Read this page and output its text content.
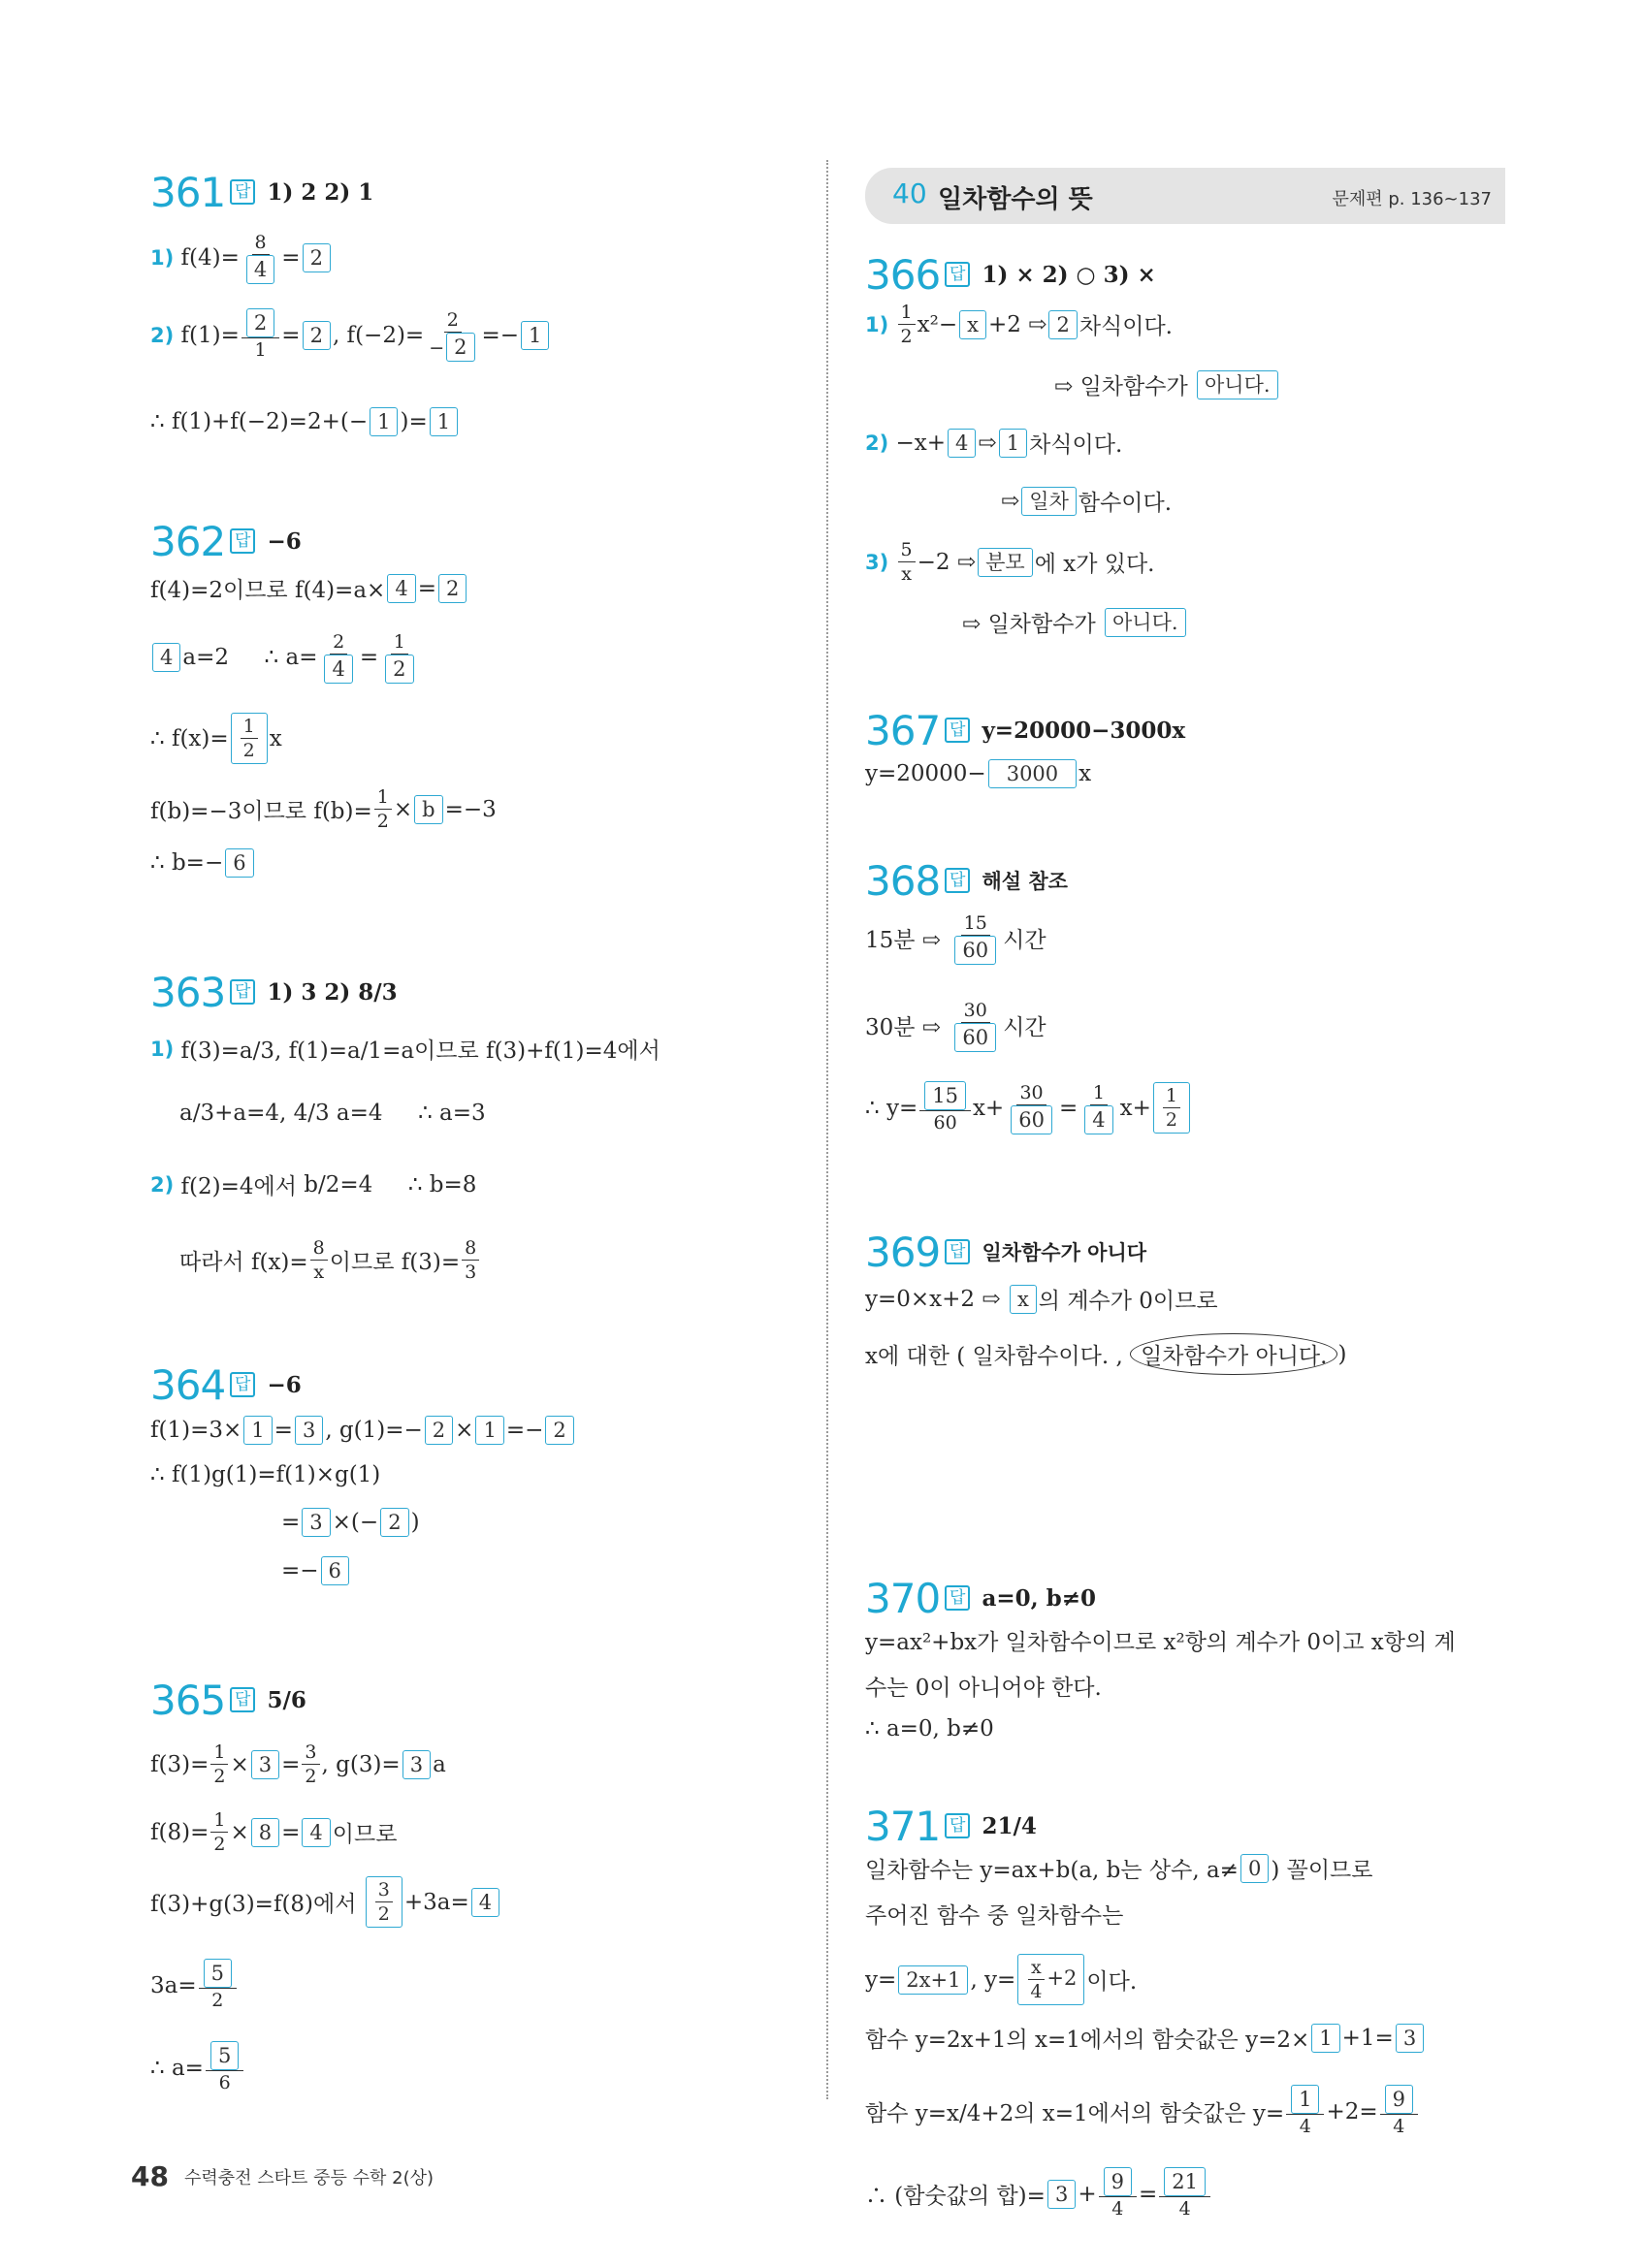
361 답 1) 2 2) 1
1) $f(4)= \frac{8}{4} = 2$
2) $f(1)= \frac{2}{1} = 2$ , $f(-2)= \frac{2}{- 2} =- 1$
∴ f(1)+f(−2)=2+(− 1 )= 1
362 답 −6
f(4)=2이므로 f(4)=a× 4 = 2
4 a=2     ∴ $a= \frac{2}{4} = \frac{1}{2}$
∴ $f(x)= \frac{1}{2}$ x
f(b)=−3이므로 $f(b)= \frac{1}{2} \times b =-3$
∴ b=− 6
363 답 1) 3 2) 8/3
1)
f(3)=a/3, f(1)=a/1=a이므로 f(3)+f(1)=4에서
a/3+a=4, 4/3 a=4     ∴ a=3
2)
f(2)=4에서 b/2=4     ∴ b=8
따라서 $f(x)= \frac{8}{x}$ 이므로 $f(3)= \frac{8}{3}$
364 답 −6
f(1)=3× 1 = 3 , g(1)=− 2 × 1 =− 2
∴ f(1)g(1)=f(1)×g(1)
= 3 ×(− 2 )
=− 6
365 답 5/6
$f(3)= \frac{1}{2} \times 3 = \frac{3}{2}$ , g(3)= 3 a
$f(8)= \frac{1}{2} \times 8 = 4$ 이므로
f(3)+g(3)=f(8)에서 $\frac{3}{2} +3a= 4$
$3a= \frac{5}{2}$
∴ $a= \frac{5}{6}$
40 일차함수의 뜻	문제편 p. 136~137
366 답 1) × 2) ○ 3) ×
1)
$\frac{1}{2} x^2- x +2$ ⇨ 2 차식이다.
⇨ 일차함수가
아니다.
2) −x+ 4 ⇨ 1 차식이다.
⇨ 일차 함수이다.
3)
$\frac{5}{x} -2$ ⇨ 분모 에 x가 있다.
⇨ 일차함수가
아니다.
367 답 y=20000−3000x
y=20000−	3000 x
368 답 해설 참조
15분 ⇨
$\frac{15}{60}$ 시간
30분 ⇨
$\frac{30}{60}$ 시간
∴ $y= \frac{15}{60} x+ \frac{30}{60} = \frac{1}{4} x+ \frac{1}{2}$
369 답 일차함수가 아니다
y=0×x+2 ⇨
x 의 계수가 0이므로
x에 대한 ( 일차함수이다. ,
일차함수가 아니다. )
370 답 a=0, b≠0
y=ax²+bx가 일차함수이므로 x²항의 계수가 0이고 x항의 계
수는 0이 아니어야 한다.
∴ a=0, b≠0
371 답 21/4
일차함수는 y=ax+b(a, b는 상수, a≠ 0 ) 꼴이므로
주어진 함수 중 일차함수는
y= 2x+1 , $y= \frac{x}{4} +2$ 이다.
함수 y=2x+1의 x=1에서의 함숫값은 y=2× 1 +1= 3
함수 y=x/4+2의 x=1에서의 함숫값은 $y= \frac{1}{4} +2= \frac{9}{4}$
∴ (함숫값의 합)= $3 + \frac{9}{4} = \frac{21}{4}$
48 수력충전 스타트 중등 수학 2(상)
